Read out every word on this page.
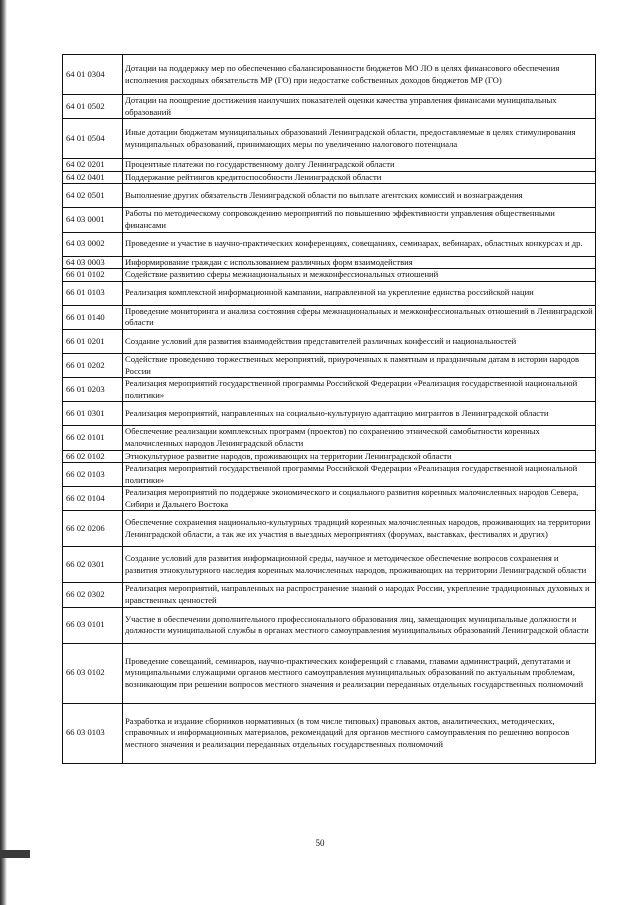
64 01 0304	Дотации на поддержку мер по обеспечению сбалансированности бюджетов МО ЛО в целях финансового обеспечения исполнения расходных обязательств МР (ГО) при недостатке собственных доходов бюджетов МР (ГО)
64 01 0502	Дотации на поощрение достижения наилучших показателей оценки качества управления финансами муниципальных образований
64 01 0504	Иные дотации бюджетам муниципальных образований Ленинградской области, предоставляемые в целях стимулирования муниципальных образований, принимающих меры по увеличению налогового потенциала
64 02 0201	Процентные платежи по государственному долгу Ленинградской области
64 02 0401	Поддержание рейтингов кредитоспособности Ленинградской области
64 02 0501	Выполнение других обязательств Ленинградской области по выплате агентских комиссий и вознаграждения
64 03 0001	Работы по методическому сопровождению мероприятий по повышению эффективности управления общественными финансами
64 03 0002	Проведение и участие в научно-практических конференциях, совещаниях, семинарах, вебинарах, областных конкурсах и др.
64 03 0003	Информирование граждан с использованием различных форм взаимодействия
66 01 0102	Содействие развитию сферы межнациональных и межконфессиональных отношений
66 01 0103	Реализация комплексной информационной кампании, направленной на укрепление единства российской нации
66 01 0140	Проведение мониторинга и анализа состояния сферы межнациональных и межконфессиональных отношений в Ленинградской области
66 01 0201	Создание условий для развития взаимодействия представителей различных конфессий и национальностей
66 01 0202	Содействие проведению торжественных мероприятий, приуроченных к памятным и праздничным датам в истории народов России
66 01 0203	Реализация мероприятий государственной программы Российской Федерации «Реализация государственной национальной политики»
66 01 0301	Реализация мероприятий, направленных на социально-культурную адаптацию мигрантов в Ленинградской области
66 02 0101	Обеспечение реализации комплексных программ (проектов) по сохранению этнической самобытности коренных малочисленных народов Ленинградской области
66 02 0102	Этнокультурное развитие народов, проживающих на территории Ленинградской области
66 02 0103	Реализация мероприятий государственной программы Российской Федерации «Реализация государственной национальной политики»
66 02 0104	Реализация мероприятий по поддержке экономического и социального развития коренных малочисленных народов Севера, Сибири и Дальнего Востока
66 02 0206	Обеспечение сохранения национально-культурных традиций коренных малочисленных народов, проживающих на территории Ленинградской области, а так же их участия в выездных мероприятиях (форумах, выставках, фестивалях и других)
66 02 0301	Создание условий для развития информационной среды, научное и методическое обеспечение вопросов сохранения и развития этнокультурного наследия коренных малочисленных народов, проживающих на территории Ленинградской области
66 02 0302	Реализация мероприятий, направленных на распространение знаний о народах России, укрепление традиционных духовных и нравственных ценностей
66 03 0101	Участие в обеспечении дополнительного профессионального образования лиц, замещающих муниципальные должности и должности муниципальной службы в органах местного самоуправления муниципальных образований Ленинградской области
66 03 0102	Проведение совещаний, семинаров, научно-практических конференций с главами, главами администраций, депутатами и муниципальными служащими органов местного самоуправления муниципальных образований по актуальным проблемам, возникающим при решении вопросов местного значения и реализации переданных отдельных государственных полномочий
66 03 0103	Разработка и издание сборников нормативных (в том числе типовых) правовых актов, аналитических, методических, справочных и информационных материалов, рекомендаций для органов местного самоуправления по решению вопросов местного значения и реализации переданных отдельных государственных полномочий
50
